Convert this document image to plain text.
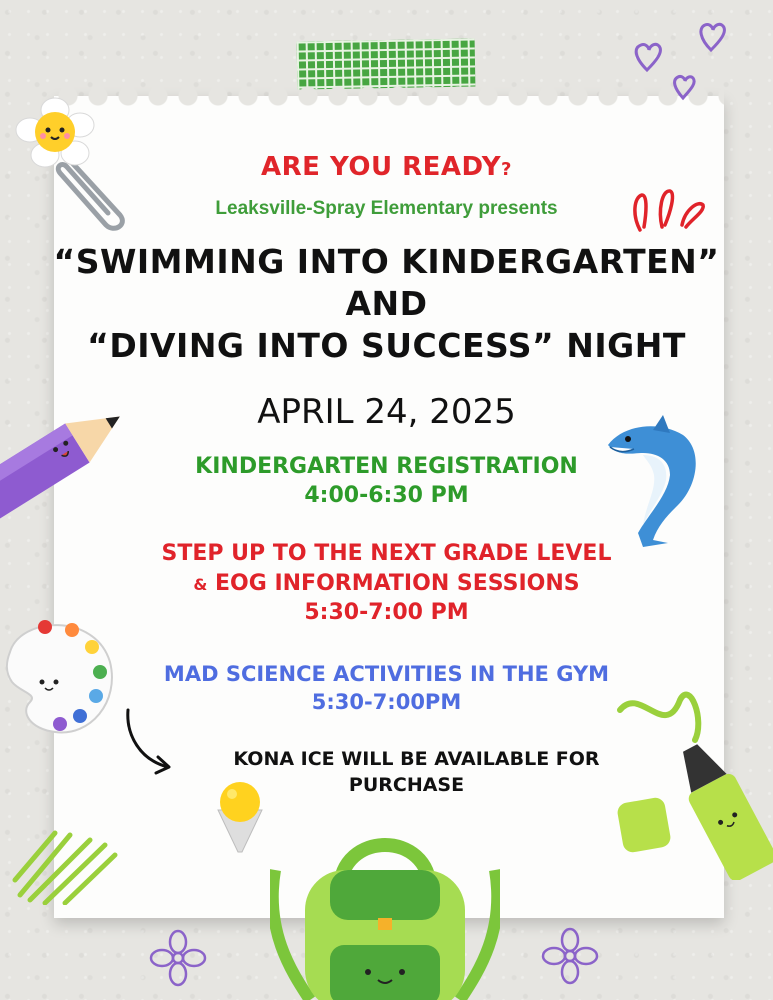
ARE YOU READY?

Leaksville-Spray Elementary presents

“SWIMMING INTO KINDERGARTEN”

AND

“DIVING INTO SUCCESS” NIGHT

APRIL 24, 2025

KINDERGARTEN REGISTRATION

4:00-6:30 PM

STEP UP TO THE NEXT GRADE LEVEL

& EOG INFORMATION SESSIONS

5:30-7:00 PM

MAD SCIENCE ACTIVITIES IN THE GYM

5:30-7:00PM

KONA ICE WILL BE AVAILABLE FOR

PURCHASE
